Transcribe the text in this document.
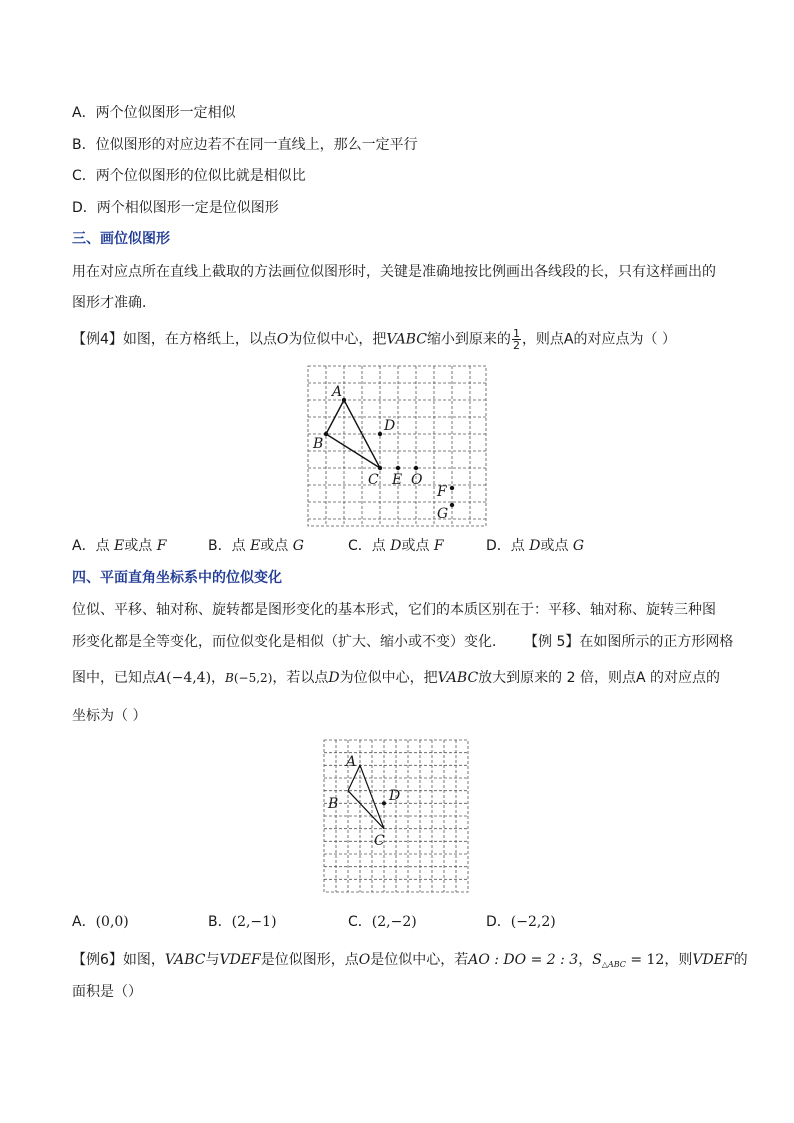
A．两个位似图形一定相似
B．位似图形的对应边若不在同一直线上，那么一定平行
C．两个位似图形的位似比就是相似比
D．两个相似图形一定是位似图形
三、画位似图形
用在对应点所在直线上截取的方法画位似图形时，关键是准确地按比例画出各线段的长，只有这样画出的
图形才准确．
【例4】如图，在方格纸上，以点O为位似中心，把VABC缩小到原来的 $\frac{1}{2}$ ，则点A的对应点为（ ）
A
B
C
D
E O
F
G
A．点 E或点 F	B．点 E或点 G	C．点 D或点 F	D．点 D或点 G
四、平面直角坐标系中的位似变化
位似、平移、轴对称、旋转都是图形变化的基本形式，它们的本质区别在于：平移、轴对称、旋转三种图
形变化都是全等变化，而位似变化是相似（扩大、缩小或不变）变化． 【例 5】在如图所示的正方形网格
图中，已知点A(−4,4)，B(−5,2)，若以点D为位似中心，把VABC放大到原来的 2 倍，则点A 的对应点的
坐标为（ ）
A
B
C
D
A．(0,0)	B．(2,−1)	C．(2,−2)	D．(−2,2)
【例6】如图，VABC与VDEF是位似图形，点O是位似中心，若AO : DO = 2 : 3，$S_{\triangle ABC} = 12$，则VDEF的
面积是（）
